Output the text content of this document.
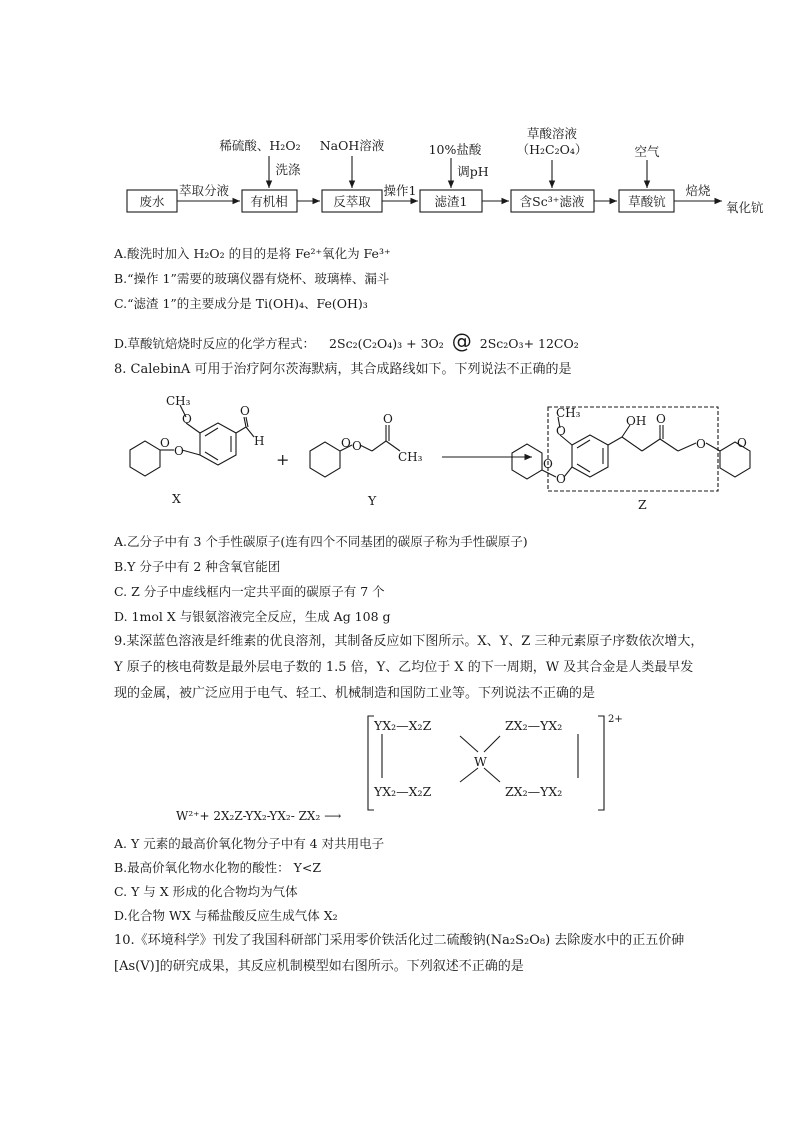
废水	有机相	反萃取	滤渣1	含Sc³⁺滤液	草酸钪
萃取分液	操作1	焙烧
氧化钪
稀硫酸、H₂O₂
洗涤
NaOH溶液	10%盐酸
调pH
草酸溶液
（H₂C₂O₄）	空气
A.酸洗时加入 H₂O₂ 的目的是将 Fe²⁺氧化为 Fe³⁺
B.“操作 1”需要的玻璃仪器有烧杯、玻璃棒、漏斗
C.“滤渣 1”的主要成分是 Ti(OH)₄、Fe(OH)₃
D.草酸钪焙烧时反应的化学方程式： 2Sc₂(C₂O₄)₃ + 3O₂ @ 2Sc₂O₃+ 12CO₂
8. CalebinA 可用于治疗阿尔茨海默病，其合成路线如下。下列说法不正确的是
O
O
O
CH₃
O
H
X
+
O O
O
CH₃
Y
O
O
O
CH₃
OH O
O	O
Z
A.乙分子中有 3 个手性碳原子(连有四个不同基团的碳原子称为手性碳原子)
B.Y 分子中有 2 种含氧官能团
C. Z 分子中虚线框内一定共平面的碳原子有 7 个
D. 1mol X 与银氨溶液完全反应，生成 Ag 108 g
9.某深蓝色溶液是纤维素的优良溶剂，其制备反应如下图所示。X、Y、Z 三种元素原子序数依次增大，Y 原子的核电荷数是最外层电子数的 1.5 倍，Y、乙均位于 X 的下一周期，W 及其合金是人类最早发现的金属，被广泛应用于电气、轻工、机械制造和国防工业等。下列说法不正确的是
YX₂—X₂Z	ZX₂—YX₂
YX₂—X₂Z	ZX₂—YX₂
W
2+
W²⁺+ 2X₂Z-YX₂-YX₂- ZX₂ ⟶
A. Y 元素的最高价氧化物分子中有 4 对共用电子
B.最高价氧化物水化物的酸性： Y<Z
C. Y 与 X 形成的化合物均为气体
D.化合物 WX 与稀盐酸反应生成气体 X₂
10.《环境科学》刊发了我国科研部门采用零价铁活化过二硫酸钠(Na₂S₂O₈) 去除废水中的正五价砷[As(V)]的研究成果，其反应机制模型如右图所示。下列叙述不正确的是
